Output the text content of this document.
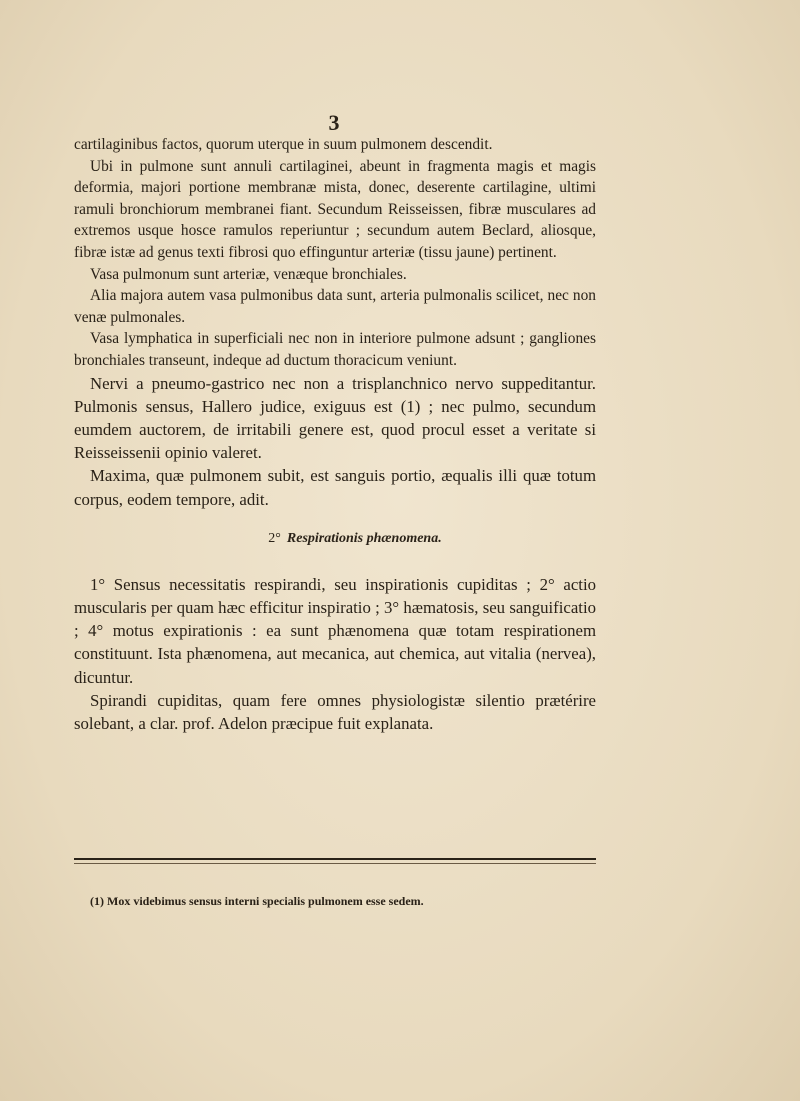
3

cartilaginibus factos, quorum uterque in suum pulmonem descendit.

Ubi in pulmone sunt annuli cartilaginei, abeunt in fragmenta magis et magis deformia, majori portione membranæ mista, donec, deserente cartilagine, ultimi ramuli bronchiorum membranei fiant. Secundum Reisseissen, fibræ musculares ad extremos usque hosce ramulos reperiuntur ; secundum autem Beclard, aliosque, fibræ istæ ad genus texti fibrosi quo effinguntur arteriæ (tissu jaune) pertinent.

Vasa pulmonum sunt arteriæ, venæque bronchiales.

Alia majora autem vasa pulmonibus data sunt, arteria pulmonalis scilicet, nec non venæ pulmonales.

Vasa lymphatica in superficiali nec non in interiore pulmone adsunt ; gangliones bronchiales transeunt, indeque ad ductum thoracicum veniunt.

Nervi a pneumo-gastrico nec non a trisplanchnico nervo suppeditantur. Pulmonis sensus, Hallero judice, exiguus est (1) ; nec pulmo, secundum eumdem auctorem, de irritabili genere est, quod procul esset a veritate si Reisseissenii opinio valeret.

Maxima, quæ pulmonem subit, est sanguis portio, æqualis illi quæ totum corpus, eodem tempore, adit.

2° Respirationis phænomena.

1° Sensus necessitatis respirandi, seu inspirationis cupiditas ; 2° actio muscularis per quam hæc efficitur inspiratio ; 3° hæmatosis, seu sanguificatio ; 4° motus expirationis : ea sunt phænomena quæ totam respirationem constituunt. Ista phænomena, aut mecanica, aut chemica, aut vitalia (nervea), dicuntur.

Spirandi cupiditas, quam fere omnes physiologistæ silentio prætérire solebant, a clar. prof. Adelon præcipue fuit explanata.

(1) Mox videbimus sensus interni specialis pulmonem esse sedem.
